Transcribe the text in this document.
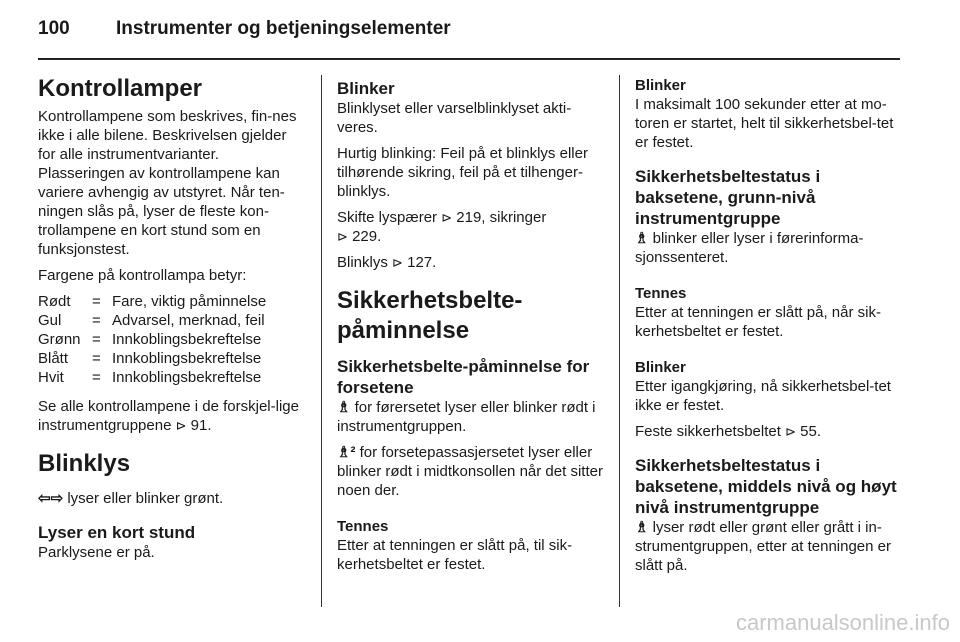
100 Instrumenter og betjeningselementer
Kontrollamper

Kontrollampene som beskrives, fin-nes ikke i alle bilene. Beskrivelsen gjelder for alle instrumentvarianter. Plasseringen av kontrollampene kan variere avhengig av utstyret. Når ten-ningen slås på, lyser de fleste kon-trollampene en kort stund som en funksjonstest.

Fargene på kontrollampa betyr:

Rødt	=	Fare, viktig påminnelse
Gul	=	Advarsel, merknad, feil
Grønn	=	Innkoblingsbekreftelse
Blått	=	Innkoblingsbekreftelse
Hvit	=	Innkoblingsbekreftelse

Se alle kontrollampene i de forskjel-lige instrumentgruppene ⊳ 91.

Blinklys

⇦⇨ lyser eller blinker grønt.

Lyser en kort stund

Parklysene er på.

Blinker

Blinklyset eller varselblinklyset akti-veres.

Hurtig blinking: Feil på et blinklys eller tilhørende sikring, feil på et tilhenger-blinklys.

Skifte lyspærer ⊳ 219, sikringer
⊳ 229.

Blinklys ⊳ 127.

Sikkerhetsbelte-
påminnelse
Sikkerhetsbelte-påminnelse for forsetene

♗ for førersetet lyser eller blinker rødt i instrumentgruppen.

♗² for forsetepassasjersetet lyser eller blinker rødt i midtkonsollen når det sitter noen der.

Tennes

Etter at tenningen er slått på, til sik-kerhetsbeltet er festet.

Blinker

I maksimalt 100 sekunder etter at mo-toren er startet, helt til sikkerhetsbel-tet er festet.

Sikkerhetsbeltestatus i baksetene, grunn-nivå instrumentgruppe

♗ blinker eller lyser i førerinforma-sjonssenteret.

Tennes

Etter at tenningen er slått på, når sik-kerhetsbeltet er festet.

Blinker

Etter igangkjøring, nå sikkerhetsbel-tet ikke er festet.

Feste sikkerhetsbeltet ⊳ 55.

Sikkerhetsbeltestatus i baksetene, middels nivå og høyt nivå instrumentgruppe

♗ lyser rødt eller grønt eller grått i in-strumentgruppen, etter at tenningen er slått på.

carmanualsonline.info
